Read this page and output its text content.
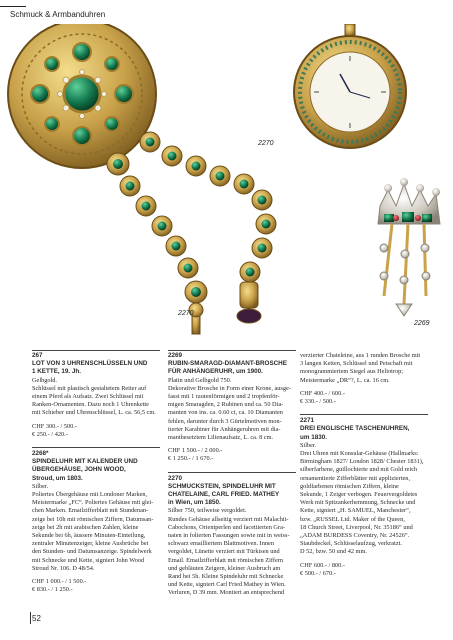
Schmuck & Armbanduhren
2270
2270
2269
267
LOT VON 3 UHRENSCHLÜSSELN UND
1 KETTE, 19. Jh.
Gelbgold.
Schlüssel mit plastisch gestaltetem Reiter auf
einem Pferd als Aufsatz. Zwei Schlüssel mit
Ranken-Ornamenten. Dazu noch 1 Uhrenkette
mit Schieber und Uhrenschlüssel, L. ca. 56,5 cm.
CHF 300.- / 500.-
€ 250.- / 420.-
2268*
SPINDELUHR MIT KALENDER UND
ÜBERGEHÄUSE, JOHN WOOD,
Stroud, um 1803.
Silber.
Poliertes Übergehäuse mit Londoner Marken,
Meistermarke „FC“. Poliertes Gehäuse mit glei-
chen Marken. Emailzifferblatt mit Stundenan-
zeige bei 10h mit römischen Ziffern, Datumsan-
zeige bei 2h mit arabischen Zahlen, kleine
Sekunde bei 6h, äussere Minuten-Einteilung,
zentraler Minutenzeiger, kleine Ausbrüche bei
den Stunden- und Datumsanzeige. Spindelwerk
mit Schnecke und Kette, signiert John Wood
Stroud Nr. 106. D 48/54.
CHF 1 000.- / 1 500.-
€ 830.- / 1 250.-
2269
RUBIN-SMARAGD-DIAMANT-BROSCHE
FÜR ANHÄNGERUHR, um 1900.
Platin und Gelbgold 750.
Dekorative Brosche in Form einer Krone, ausge-
fasst mit 1 rautenförmigen und 2 tropfenför-
migen Smaragden, 2 Rubinen und ca. 50 Dia-
manten von ins. ca. 0.60 ct, ca. 10 Diamanten
fehlen, darunter durch 3 Gürtelmotiven mon-
tierter Karabiner für Anhängeruhren mit dia-
mantbesetztem Lilienaufsatz, L. ca. 8 cm.
CHF 1 500.- / 2 000.-
€ 1 250.- / 1 670.-
2270
SCHMUCKSTEIN, SPINDELUHR MIT
CHATELAINE, CARL FRIED. MATHEY
in Wien, um 1850.
Silber 750, teilweise vergoldet.
Rundes Gehäuse allseitig verziert mit Malachit-
Cabochons, Orientperlen und facettierten Gra-
naten in folierten Fassungen sowie mit in weiss-
schwarz emailliertem Blattmotiven. Innen
vergoldet, Lünette verziert mit Türkisen und
Email. Emailzifferblatt mit römischen Ziffern
und gebläuten Zeigern, kleiner Ausbruch am
Rand bei 5h. Kleine Spindeluhr mit Schnecke
und Kette, signiert Carl Fried Mathey in Wien.
Verluren, D 39 mm. Montiert an entsprechend
verzierter Chateleine, aus 1 runden Brosche mit
3 langen Ketten, Schlüssel und Petschaft mit
monogrammiertem Siegel aus Heliotrop;
Meistermarke „DR“?, L. ca. 16 cm.
CHF 400.- / 600.-
€ 330.- / 500.-
2271
DREI ENGLISCHE TASCHENUHREN,
um 1830.
Silber.
Drei Uhren mit Konsular-Gehäuse (Hallmarks:
Birmingham 1827/ London 1828/ Chester 1831),
silberfarbene, guillochierte und mit Gold reich
ornamentierte Zifferblätter mit applizierten,
goldfarbenen römischen Ziffern, kleine
Sekunde, 1 Zeiger verbogen. Feuervergoldetes
Werk mit Spitzankerhemmung, Schnecke und
Kette, signiert „H. SAMUEL, Manchester“,
bzw. „RUSSEL Ltd. Maker of the Queen,
18 Church Street, Liverpool, Nr. 35186“ und
„ADAM BURDESS Coventry, Nr. 24526“.
Staubdeckel, Schlüsselaufzug, verkratzt.
D 52, bzw. 50 und 42 mm.
CHF 600.- / 800.-
€ 500.- / 670.-
52
